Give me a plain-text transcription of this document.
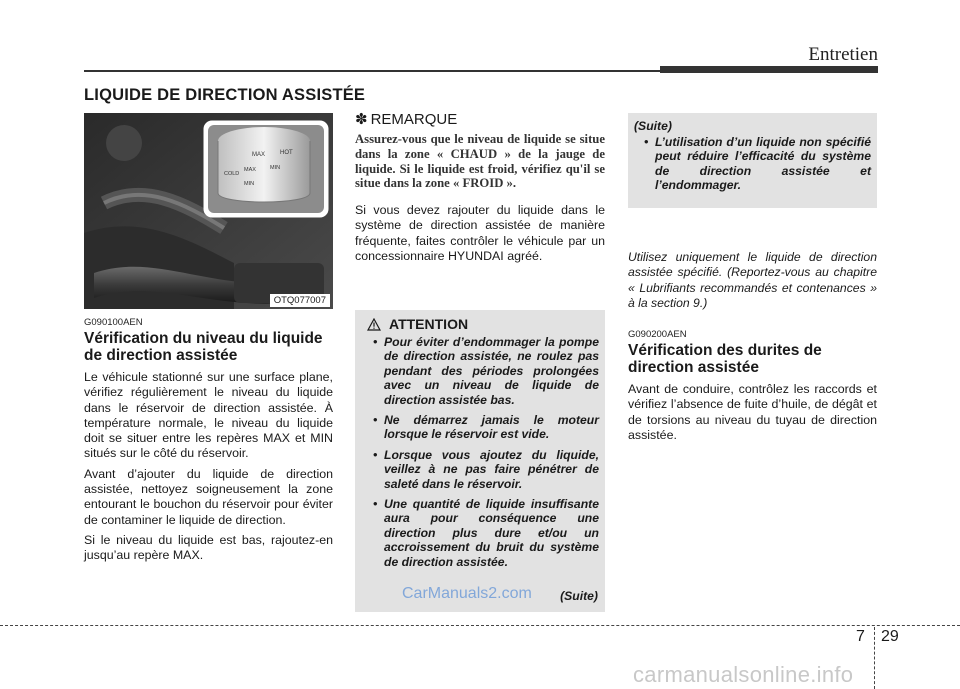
Entretien
LIQUIDE DE DIRECTION ASSISTÉE
MAX HOT
MAX	MIN
COLD
MIN
OTQ077007
G090100AEN
Vérification du niveau du liquide de direction assistée

Le véhicule stationné sur une surface plane, vérifiez régulièrement le niveau du liquide dans le réservoir de direction assistée. À température normale, le niveau du liquide doit se situer entre les repères MAX et MIN situés sur le côté du réservoir.

Avant d’ajouter du liquide de direction assistée, nettoyez soigneusement la zone entourant le bouchon du réservoir pour éviter de contaminer le liquide de direction.

Si le niveau du liquide est bas, rajoutez-en jusqu’au repère MAX.

✽ REMARQUE

Assurez-vous que le niveau de liquide se situe dans la zone « CHAUD » de la jauge de liquide. Si le liquide est froid, vérifiez qu'il se situe dans la zone « FROID ».

Si vous devez rajouter du liquide dans le système de direction assistée de manière fréquente, faites contrôler le véhicule par un concessionnaire HYUNDAI agréé.

ATTENTION
• Pour éviter d’endommager la pompe de direction assistée, ne roulez pas pendant des périodes prolongées avec un niveau de liquide de direction assistée bas.
• Ne démarrez jamais le moteur lorsque le réservoir est vide.
• Lorsque vous ajoutez du liquide, veillez à ne pas faire pénétrer de saleté dans le réservoir.
• Une quantité de liquide insuffisante aura pour conséquence une direction plus dure et/ou un accroissement du bruit du système de direction assistée.
(Suite)
CarManuals2.com
(Suite)
• L’utilisation d’un liquide non spécifié peut réduire l’efficacité du système de direction assistée et l’endommager.

Utilisez uniquement le liquide de direction assistée spécifié. (Reportez-vous au chapitre « Lubrifiants recommandés et contenances » à la section 9.)

G090200AEN
Vérification des durites de direction assistée

Avant de conduire, contrôlez les raccords et vérifiez l’absence de fuite d’huile, de dégât et de torsions au niveau du tuyau de direction assistée.

7 29
carmanualsonline.info
